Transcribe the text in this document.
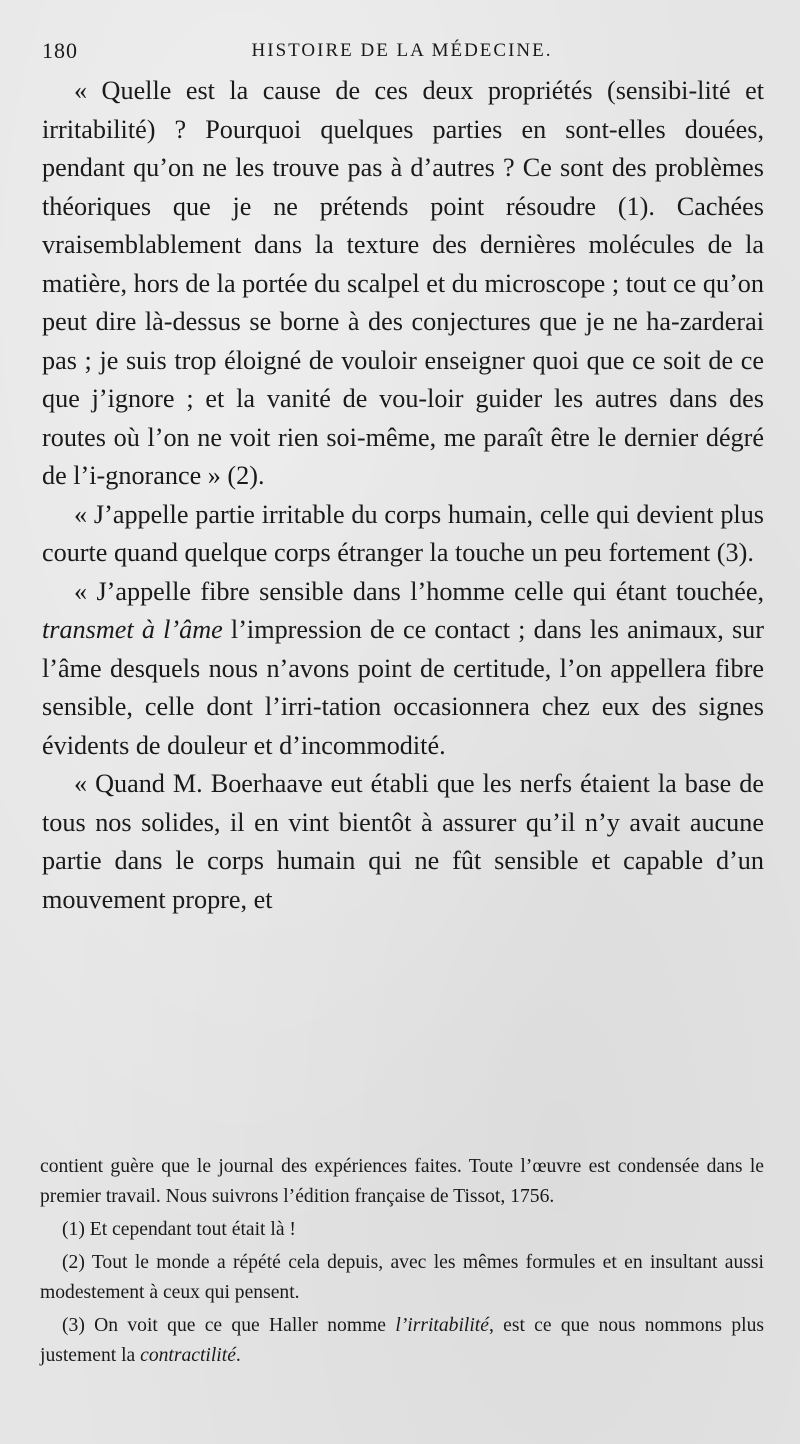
180	HISTOIRE DE LA MÉDECINE.

« Quelle est la cause de ces deux propriétés (sensibi-lité et irritabilité) ? Pourquoi quelques parties en sont-elles douées, pendant qu’on ne les trouve pas à d’autres ? Ce sont des problèmes théoriques que je ne prétends point résoudre (1). Cachées vraisemblablement dans la texture des dernières molécules de la matière, hors de la portée du scalpel et du microscope ; tout ce qu’on peut dire là-dessus se borne à des conjectures que je ne ha-zarderai pas ; je suis trop éloigné de vouloir enseigner quoi que ce soit de ce que j’ignore ; et la vanité de vou-loir guider les autres dans des routes où l’on ne voit rien soi-même, me paraît être le dernier dégré de l’i-gnorance » (2).

« J’appelle partie irritable du corps humain, celle qui devient plus courte quand quelque corps étranger la touche un peu fortement (3).

« J’appelle fibre sensible dans l’homme celle qui étant touchée, transmet à l’âme l’impression de ce contact ; dans les animaux, sur l’âme desquels nous n’avons point de certitude, l’on appellera fibre sensible, celle dont l’irri-tation occasionnera chez eux des signes évidents de douleur et d’incommodité.

« Quand M. Boerhaave eut établi que les nerfs étaient la base de tous nos solides, il en vint bientôt à assurer qu’il n’y avait aucune partie dans le corps humain qui ne fût sensible et capable d’un mouvement propre, et

contient guère que le journal des expériences faites. Toute l’œuvre est condensée dans le premier travail. Nous suivrons l’édition française de Tissot, 1756.

(1) Et cependant tout était là !

(2) Tout le monde a répété cela depuis, avec les mêmes formules et en insultant aussi modestement à ceux qui pensent.

(3) On voit que ce que Haller nomme l’irritabilité, est ce que nous nommons plus justement la contractilité.
